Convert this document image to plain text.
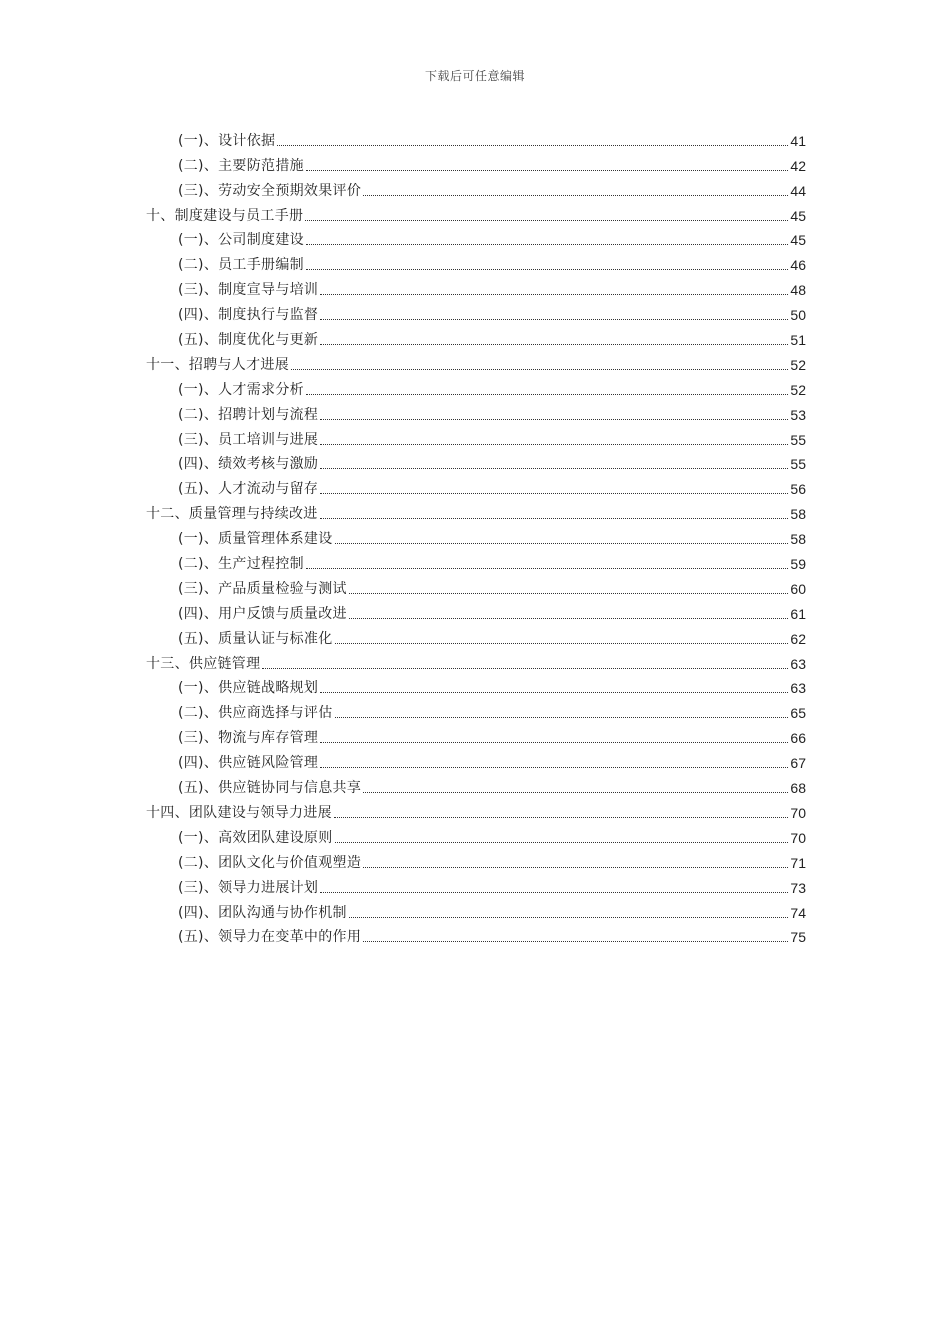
下载后可任意编辑
(一)、设计依据	41
(二)、主要防范措施	42
(三)、劳动安全预期效果评价	44
十、制度建设与员工手册	45
(一)、公司制度建设	45
(二)、员工手册编制	46
(三)、制度宣导与培训	48
(四)、制度执行与监督	50
(五)、制度优化与更新	51
十一、招聘与人才进展	52
(一)、人才需求分析	52
(二)、招聘计划与流程	53
(三)、员工培训与进展	55
(四)、绩效考核与激励	55
(五)、人才流动与留存	56
十二、质量管理与持续改进	58
(一)、质量管理体系建设	58
(二)、生产过程控制	59
(三)、产品质量检验与测试	60
(四)、用户反馈与质量改进	61
(五)、质量认证与标准化	62
十三、供应链管理	63
(一)、供应链战略规划	63
(二)、供应商选择与评估	65
(三)、物流与库存管理	66
(四)、供应链风险管理	67
(五)、供应链协同与信息共享	68
十四、团队建设与领导力进展	70
(一)、高效团队建设原则	70
(二)、团队文化与价值观塑造	71
(三)、领导力进展计划	73
(四)、团队沟通与协作机制	74
(五)、领导力在变革中的作用	75
